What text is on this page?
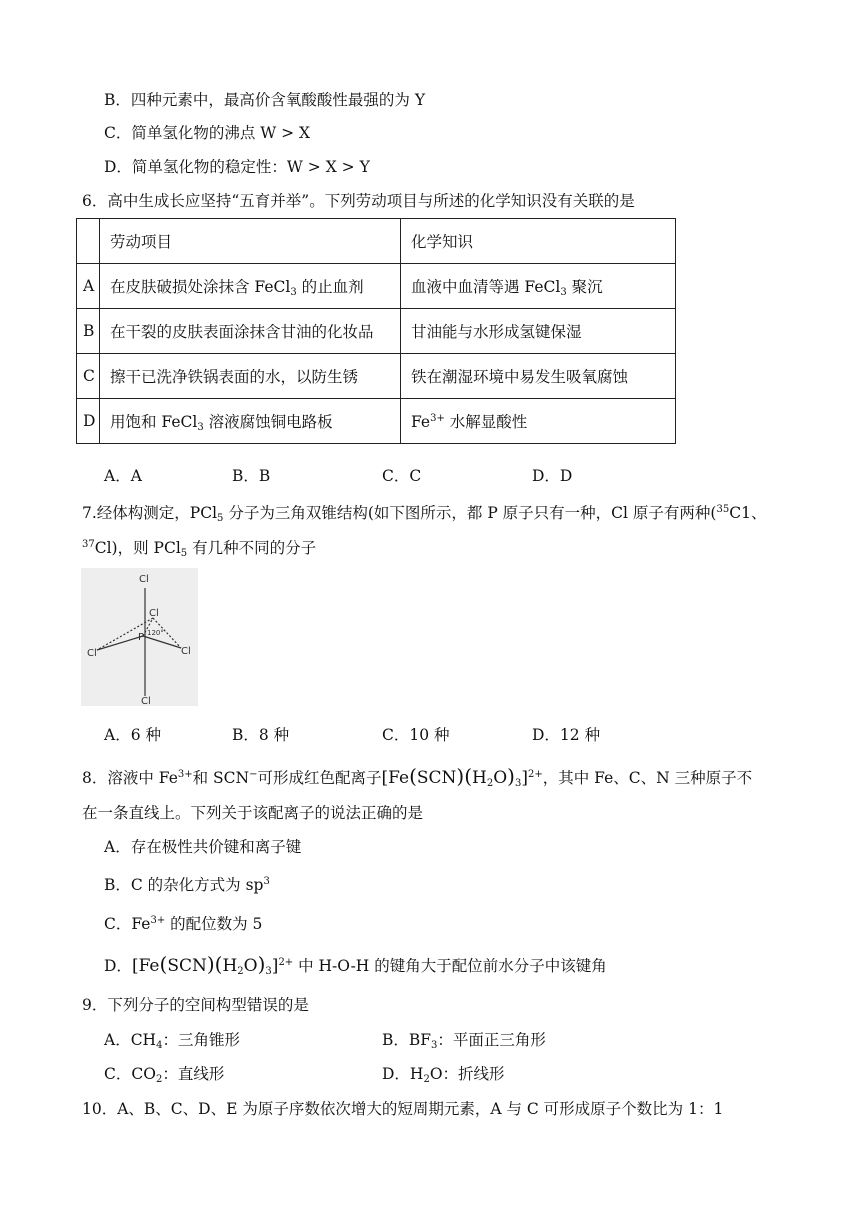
B．四种元素中，最高价含氧酸酸性最强的为 Y
C．简单氢化物的沸点 W > X
D．简单氢化物的稳定性：W > X > Y
6．高中生成长应坚持“五育并举”。下列劳动项目与所述的化学知识没有关联的是
	劳动项目	化学知识
A	在皮肤破损处涂抹含 FeCl$_3$ 的止血剂	血液中血清等遇 FeCl$_3$ 聚沉
B	在干裂的皮肤表面涂抹含甘油的化妆品	甘油能与水形成氢键保湿
C	擦干已洗净铁锅表面的水，以防生锈	铁在潮湿环境中易发生吸氧腐蚀
D	用饱和 FeCl$_3$ 溶液腐蚀铜电路板	$Fe^{3+}$ 水解显酸性
A．A	B．B	C．C	D．D
7.经体构测定，PCl$_5$ 分子为三角双锥结构(如下图所示，都 P 原子只有一种，Cl 原子有两种($^{35}$C1、
$^{37}$Cl)，则 PCl$_5$ 有几种不同的分子
Cl
Cl
Cl	Cl
Cl
P 120°
A．6 种	B．8 种	C．10 种	D．12 种
8．溶液中 $Fe^{3+}$和 SCN−可形成红色配离子$[Fe(SCN)(H_2O)_3]^{2+}$，其中 Fe、C、N 三种原子不
在一条直线上。下列关于该配离子的说法正确的是
A．存在极性共价键和离子键
B．C 的杂化方式为 $sp^3$
C．$Fe^{3+}$ 的配位数为 5
D．$[Fe(SCN)(H_2O)_3]^{2+}$ 中 H-O-H 的键角大于配位前水分子中该键角
9．下列分子的空间构型错误的是
A．$CH_4$：三角锥形	B．$BF_3$：平面正三角形
C．$CO_2$：直线形	D．$H_2O$：折线形
10．A、B、C、D、E 为原子序数依次增大的短周期元素，A 与 C 可形成原子个数比为 1：1
